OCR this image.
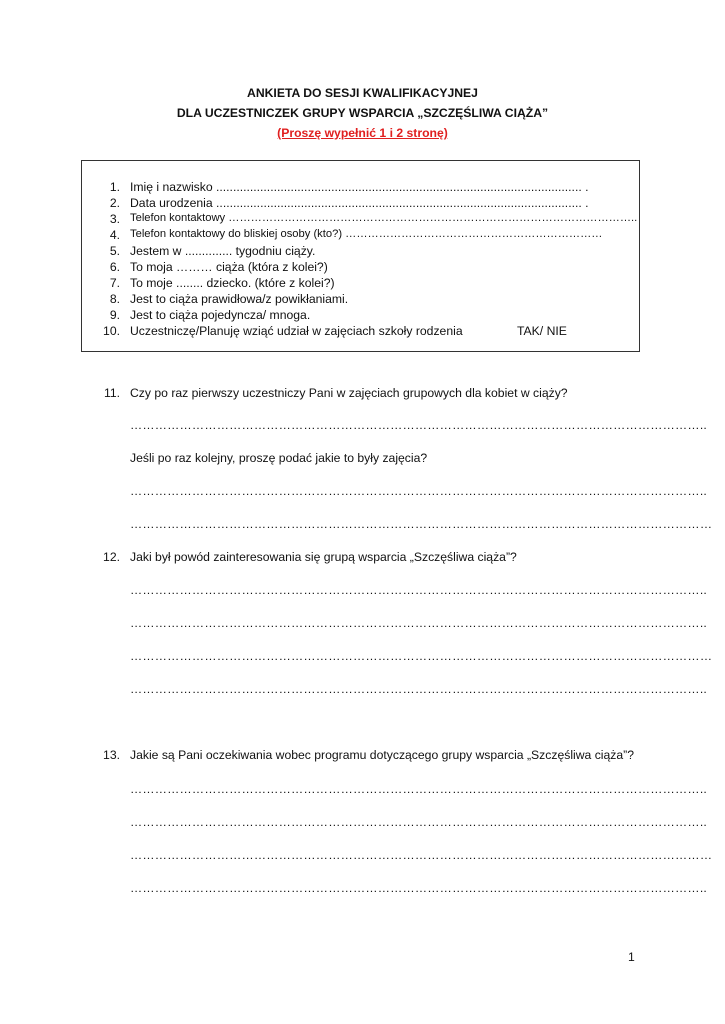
ANKIETA DO SESJI KWALIFIKACYJNEJ
DLA UCZESTNICZEK GRUPY WSPARCIA „SZCZĘŚLIWA CIĄŻA”
(Proszę wypełnić 1 i 2 stronę)
1. Imię i nazwisko ............................................................................................................ .
2. Data urodzenia ............................................................................................................ .
3. Telefon kontaktowy ………………………………………………………………………………………………..
4. Telefon kontaktowy do bliskiej osoby (kto?) ……………………………………………………………
5. Jestem w .............. tygodniu ciąży.
6. To moja ……… ciąża (która z kolei?)
7. To moje ........ dziecko. (które z kolei?)
8. Jest to ciąża prawidłowa/z powikłaniami.
9. Jest to ciąża pojedyncza/ mnoga.
10. Uczestniczę/Planuję wziąć udział w zajęciach szkoły rodzenia	TAK/ NIE
11. Czy po raz pierwszy uczestniczy Pani w zajęciach grupowych dla kobiet w ciąży?
…………………………………………………………………………………………………………………………..
Jeśli po raz kolejny, proszę podać jakie to były zajęcia?
…………………………………………………………………………………………………………………………..
……………………………………………………………………………………………………………………………
12. Jaki był powód zainteresowania się grupą wsparcia „Szczęśliwa ciąża”?
…………………………………………………………………………………………………………………………..
…………………………………………………………………………………………………………………………..
……………………………………………………………………………………………………………………………
…………………………………………………………………………………………………………………………..
13. Jakie są Pani oczekiwania wobec programu dotyczącego grupy wsparcia „Szczęśliwa ciąża”?
…………………………………………………………………………………………………………………………..
…………………………………………………………………………………………………………………………..
……………………………………………………………………………………………………………………………
…………………………………………………………………………………………………………………………..
1
